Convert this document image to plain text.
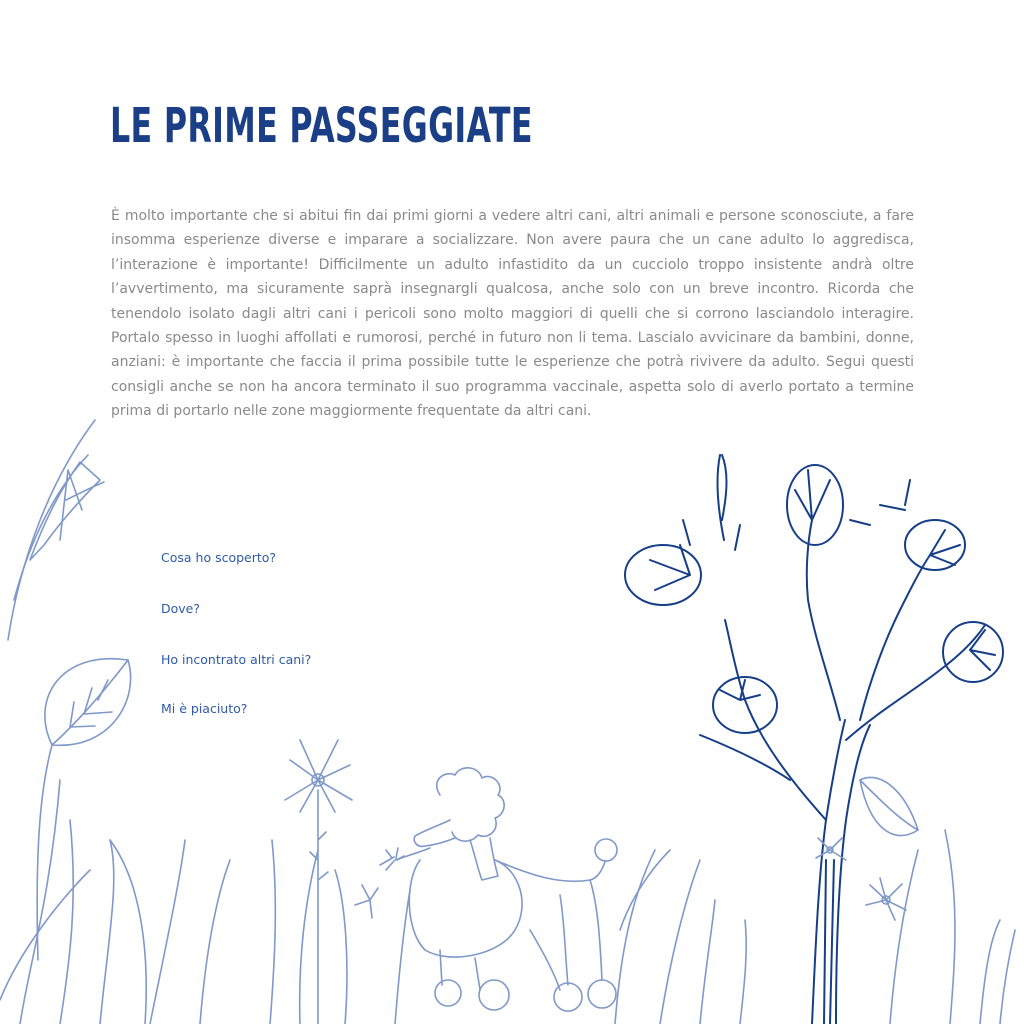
LE PRIME PASSEGGIATE

È molto importante che si abitui fin dai primi giorni a vedere altri cani, altri animali e persone sconosciute, a fare insomma esperienze diverse e imparare a socializzare. Non avere paura che un cane adulto lo aggredisca, l’interazione è importante! Difficilmente un adulto infastidito da un cucciolo troppo insistente andrà oltre l’avvertimento, ma sicuramente saprà insegnargli qualcosa, anche solo con un breve incontro. Ricorda che tenendolo isolato dagli altri cani i pericoli sono molto maggiori di quelli che si corrono lasciandolo interagire. Portalo spesso in luoghi affollati e rumorosi, perché in futuro non li tema. Lascialo avvicinare da bambini, donne, anziani: è importante che faccia il prima possibile tutte le esperienze che potrà rivivere da adulto. Segui questi consigli anche se non ha ancora terminato il suo programma vaccinale, aspetta solo di averlo portato a termine prima di portarlo nelle zone maggiormente frequentate da altri cani.

Cosa ho scoperto?
Dove?
Ho incontrato altri cani?
Mi è piaciuto?
